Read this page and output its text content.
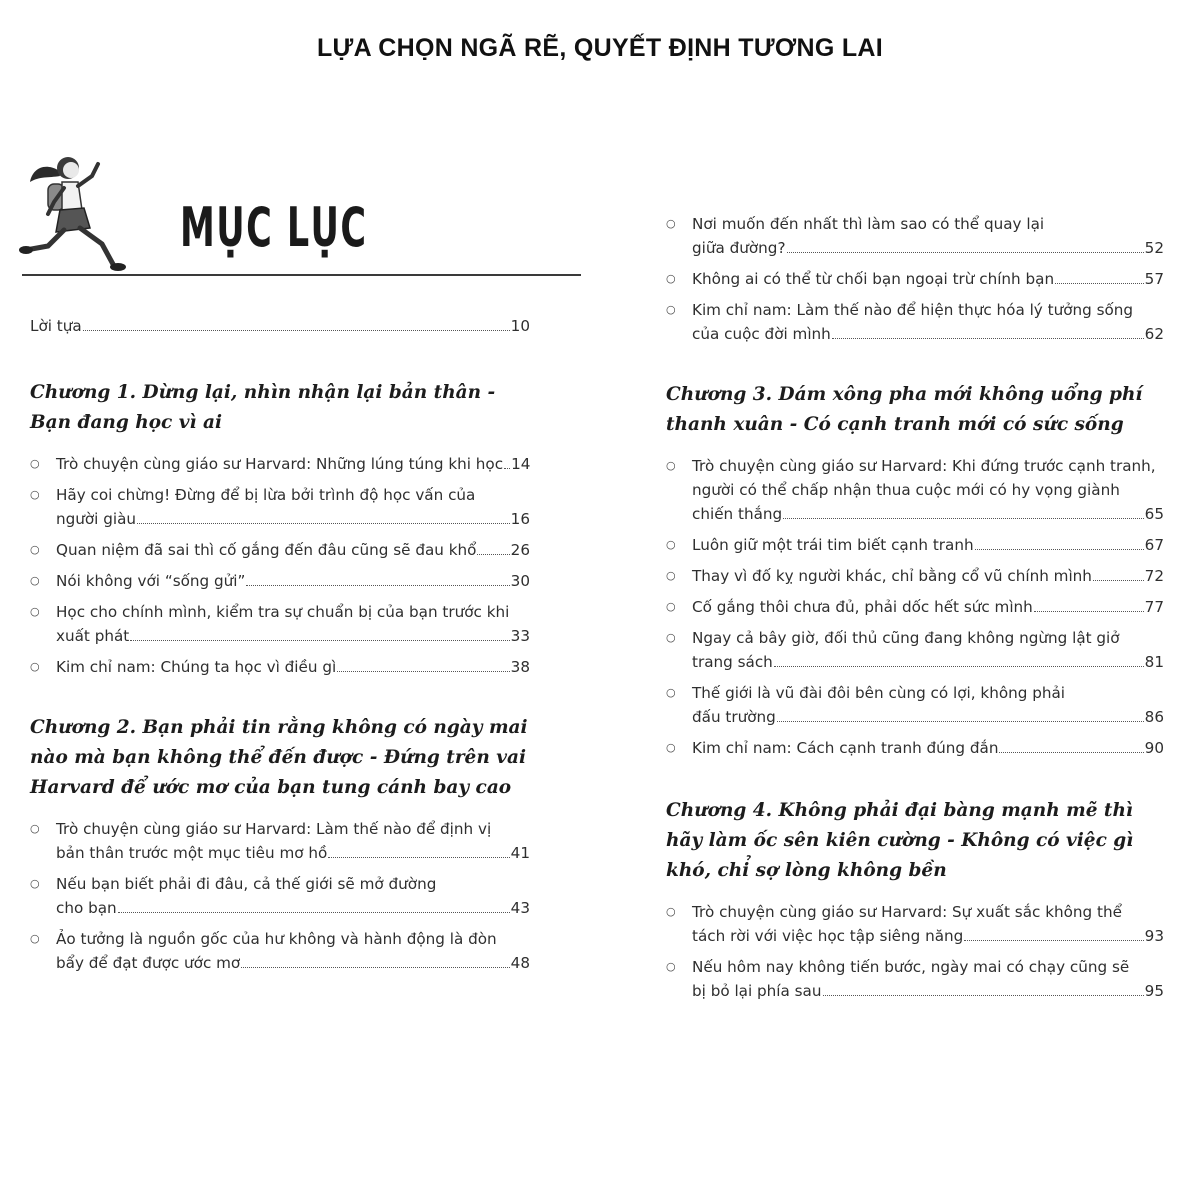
LỰA CHỌN NGÃ RẼ, QUYẾT ĐỊNH TƯƠNG LAI
MỤC LỤC
Lời tựa	10
Chương 1. Dừng lại, nhìn nhận lại bản thân - Bạn đang học vì ai
○	Trò chuyện cùng giáo sư Harvard: Những lúng túng khi học 14
○	Hãy coi chừng! Đừng để bị lừa bởi trình độ học vấn của
người giàu	16
○	Quan niệm đã sai thì cố gắng đến đâu cũng sẽ đau khổ 26
○	Nói không với “sống gửi”	30
○	Học cho chính mình, kiểm tra sự chuẩn bị của bạn trước khi
xuất phát	33
○	Kim chỉ nam: Chúng ta học vì điều gì	38
Chương 2. Bạn phải tin rằng không có ngày mai nào mà bạn không thể đến được - Đứng trên vai Harvard để ước mơ của bạn tung cánh bay cao
○	Trò chuyện cùng giáo sư Harvard: Làm thế nào để định vị
bản thân trước một mục tiêu mơ hồ	41
○	Nếu bạn biết phải đi đâu, cả thế giới sẽ mở đường
cho bạn	43
○	Ảo tưởng là nguồn gốc của hư không và hành động là đòn
bẩy để đạt được ước mơ	48
○	Nơi muốn đến nhất thì làm sao có thể quay lại
giữa đường?	52
○	Không ai có thể từ chối bạn ngoại trừ chính bạn	57
○	Kim chỉ nam: Làm thế nào để hiện thực hóa lý tưởng sống
của cuộc đời mình	62
Chương 3. Dám xông pha mới không uổng phí thanh xuân - Có cạnh tranh mới có sức sống
○	Trò chuyện cùng giáo sư Harvard: Khi đứng trước cạnh tranh,
người có thể chấp nhận thua cuộc mới có hy vọng giành
chiến thắng	65
○	Luôn giữ một trái tim biết cạnh tranh	67
○	Thay vì đố kỵ người khác, chỉ bằng cổ vũ chính mình	72
○	Cố gắng thôi chưa đủ, phải dốc hết sức mình	77
○	Ngay cả bây giờ, đối thủ cũng đang không ngừng lật giở
trang sách	81
○	Thế giới là vũ đài đôi bên cùng có lợi, không phải
đấu trường	86
○	Kim chỉ nam: Cách cạnh tranh đúng đắn	90
Chương 4. Không phải đại bàng mạnh mẽ thì hãy làm ốc sên kiên cường - Không có việc gì khó, chỉ sợ lòng không bền
○	Trò chuyện cùng giáo sư Harvard: Sự xuất sắc không thể
tách rời với việc học tập siêng năng	93
○	Nếu hôm nay không tiến bước, ngày mai có chạy cũng sẽ
bị bỏ lại phía sau	95
